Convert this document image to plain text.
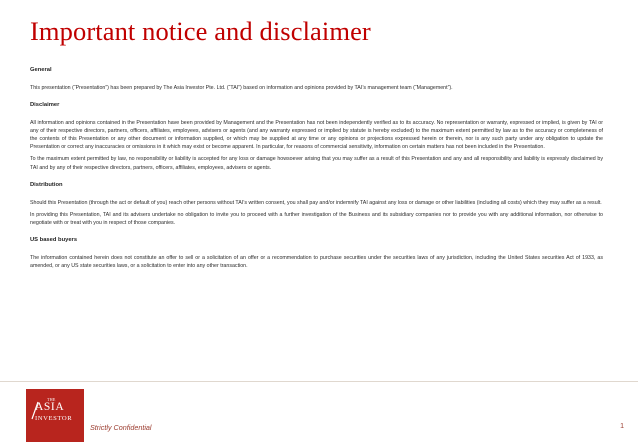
Important notice and disclaimer
General

This presentation (“Presentation”) has been prepared by The Asia Investor Pte. Ltd. (“TAI”) based on information and opinions provided by TAI’s management team (“Management”).

Disclaimer

All information and opinions contained in the Presentation have been provided by Management and the Presentation has not been independently verified as to its accuracy. No representation or warranty, expressed or implied, is given by TAI or any of their respective directors, partners, officers, affiliates, employees, advisers or agents (and any warranty expressed or implied by statute is hereby excluded) to the maximum extent permitted by law as to the accuracy or completeness of the contents of this Presentation or any other document or information supplied, or which may be supplied at any time or any opinions or projections expressed herein or therein, nor is any such party under any obligation to update the Presentation or correct any inaccuracies or omissions in it which may exist or become apparent. In particular, for reasons of commercial sensitivity, information on certain matters has not been included in the Presentation.

To the maximum extent permitted by law, no responsibility or liability is accepted for any loss or damage howsoever arising that you may suffer as a result of this Presentation and any and all responsibility and liability is expressly disclaimed by TAI and by any of their respective directors, partners, officers, affiliates, employees, advisers or agents.

Distribution

Should this Presentation (through the act or default of you) reach other persons without TAI’s written consent, you shall pay and/or indemnify TAI against any loss or damage or other liabilities (including all costs) which they may suffer as a result.

In providing this Presentation, TAI and its advisers undertake no obligation to invite you to proceed with a further investigation of the Business and its subsidiary companies nor to provide you with any additional information, nor otherwise to negotiate with or treat with you in respect of those companies.

US based buyers

The information contained herein does not constitute an offer to sell or a solicitation of an offer or a recommendation to purchase securities under the securities laws of any jurisdiction, including the United States securities Act of 1933, as amended, or any US state securities laws, or a solicitation to enter into any other transaction.

THE
ASIA
INVESTOR
Strictly Confidential	1
